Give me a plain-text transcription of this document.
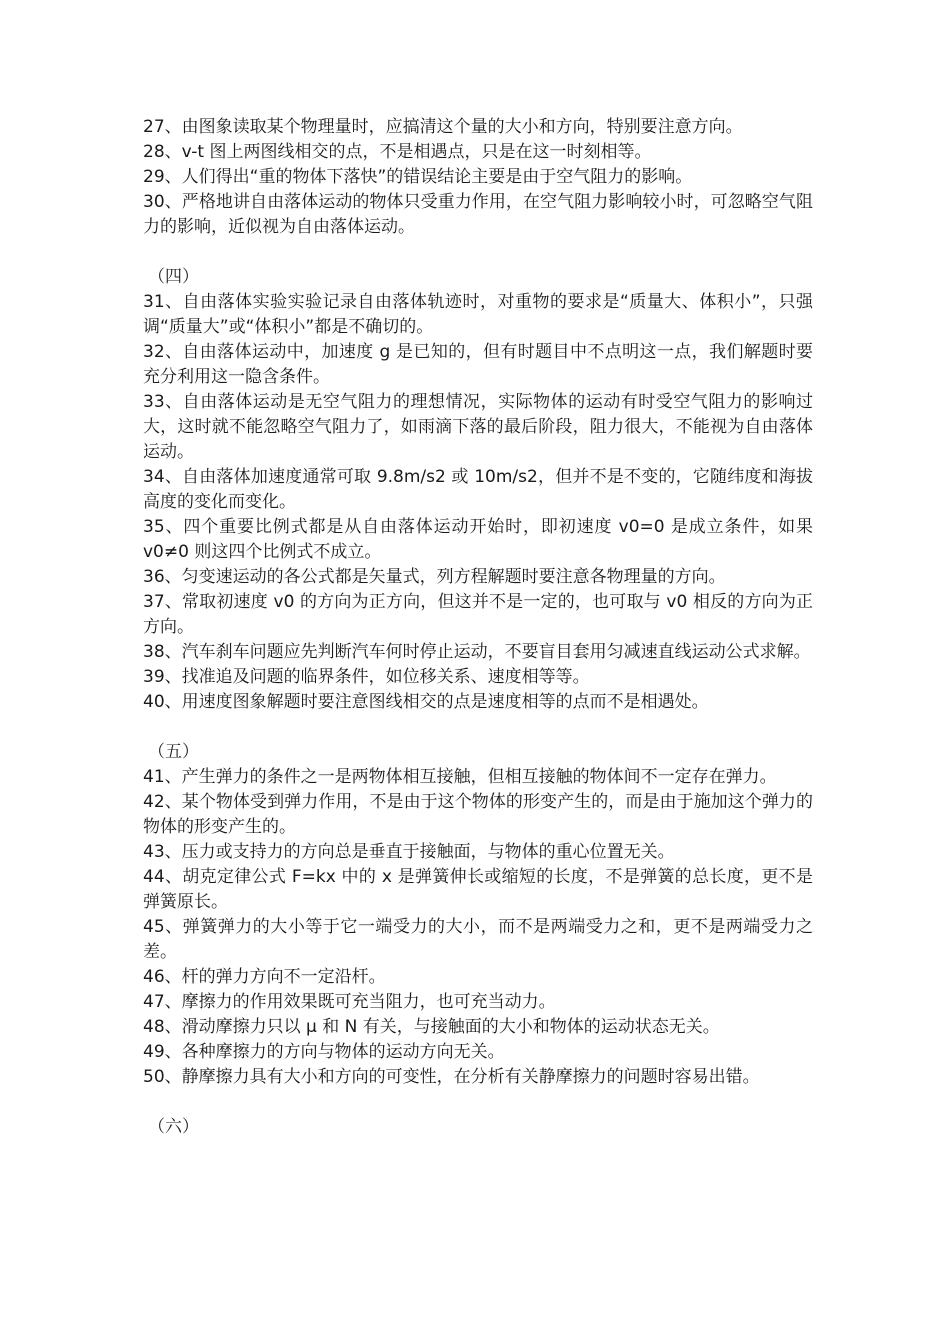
27、由图象读取某个物理量时，应搞清这个量的大小和方向，特别要注意方向。

28、v-t 图上两图线相交的点，不是相遇点，只是在这一时刻相等。

29、人们得出“重的物体下落快”的错误结论主要是由于空气阻力的影响。

30、严格地讲自由落体运动的物体只受重力作用，在空气阻力影响较小时，可忽略空气阻力的影响，近似视为自由落体运动。

（四）

31、自由落体实验实验记录自由落体轨迹时，对重物的要求是“质量大、体积小”，只强调“质量大”或“体积小”都是不确切的。

32、自由落体运动中，加速度 g 是已知的，但有时题目中不点明这一点，我们解题时要充分利用这一隐含条件。

33、自由落体运动是无空气阻力的理想情况，实际物体的运动有时受空气阻力的影响过大，这时就不能忽略空气阻力了，如雨滴下落的最后阶段，阻力很大，不能视为自由落体运动。

34、自由落体加速度通常可取 9.8m/s2 或 10m/s2，但并不是不变的，它随纬度和海拔高度的变化而变化。

35、四个重要比例式都是从自由落体运动开始时，即初速度 v0=0 是成立条件，如果 v0≠0 则这四个比例式不成立。

36、匀变速运动的各公式都是矢量式，列方程解题时要注意各物理量的方向。

37、常取初速度 v0 的方向为正方向，但这并不是一定的，也可取与 v0 相反的方向为正方向。

38、汽车刹车问题应先判断汽车何时停止运动，不要盲目套用匀减速直线运动公式求解。

39、找准追及问题的临界条件，如位移关系、速度相等等。

40、用速度图象解题时要注意图线相交的点是速度相等的点而不是相遇处。

（五）

41、产生弹力的条件之一是两物体相互接触，但相互接触的物体间不一定存在弹力。

42、某个物体受到弹力作用，不是由于这个物体的形变产生的，而是由于施加这个弹力的物体的形变产生的。

43、压力或支持力的方向总是垂直于接触面，与物体的重心位置无关。

44、胡克定律公式 F=kx 中的 x 是弹簧伸长或缩短的长度，不是弹簧的总长度，更不是弹簧原长。

45、弹簧弹力的大小等于它一端受力的大小，而不是两端受力之和，更不是两端受力之差。

46、杆的弹力方向不一定沿杆。

47、摩擦力的作用效果既可充当阻力，也可充当动力。

48、滑动摩擦力只以 μ 和 N 有关，与接触面的大小和物体的运动状态无关。

49、各种摩擦力的方向与物体的运动方向无关。

50、静摩擦力具有大小和方向的可变性，在分析有关静摩擦力的问题时容易出错。

（六）
